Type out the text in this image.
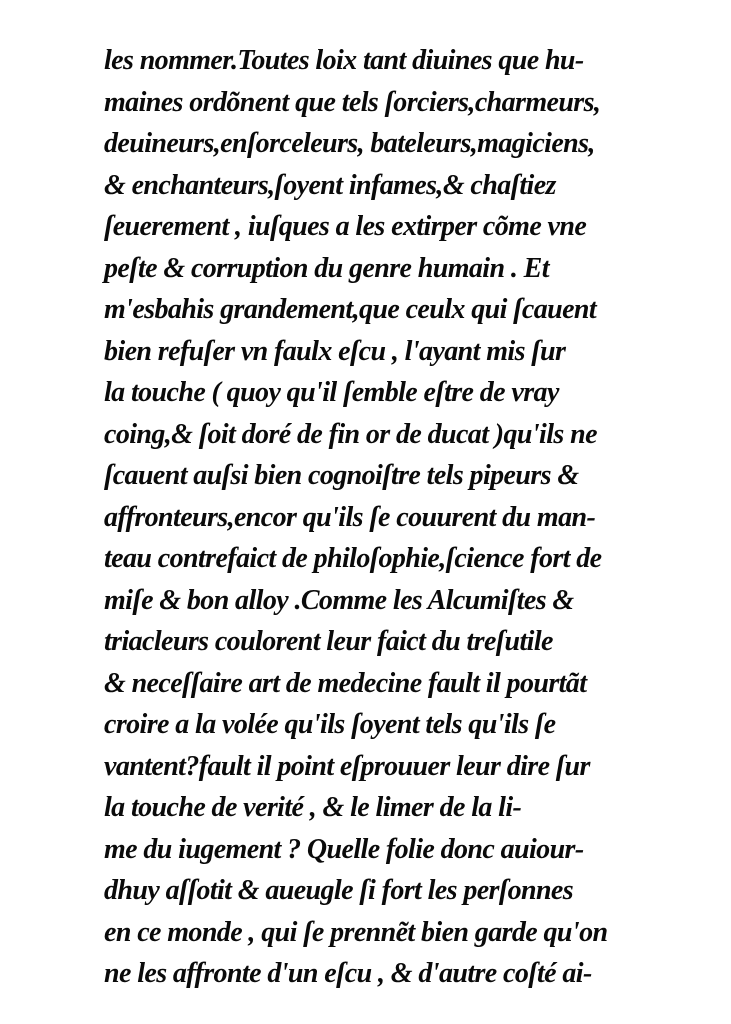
les nommer.Toutes loix tant diuines que hu-
maines ordõnent que tels ſorciers,charmeurs,
deuineurs,enſorceleurs, bateleurs,magiciens,
& enchanteurs,ſoyent infames,& chaſtiez
ſeuerement , iuſques a les extirper cõme vne
peſte & corruption du genre humain . Et
m'esbahis grandement,que ceulx qui ſcauent
bien refuſer vn faulx eſcu , l'ayant mis ſur
la touche ( quoy qu'il ſemble eſtre de vray
coing,& ſoit doré de fin or de ducat )qu'ils ne
ſcauent auſsi bien cognoiſtre tels pipeurs &
affronteurs,encor qu'ils ſe couurent du man-
teau contrefaict de philoſophie,ſcience fort de
miſe & bon alloy .Comme les Alcumiſtes &
triacleurs coulorent leur faict du treſutile
& neceſſaire art de medecine fault il pourtãt
croire a la volée qu'ils ſoyent tels qu'ils ſe
vantent?fault il point eſprouuer leur dire ſur
la touche de verité , & le limer de la li-
me du iugement ? Quelle folie donc auiour-
dhuy aſſotit & aueugle ſi fort les perſonnes
en ce monde , qui ſe prennẽt bien garde qu'on
ne les affronte d'un eſcu , & d'autre coſté ai-
